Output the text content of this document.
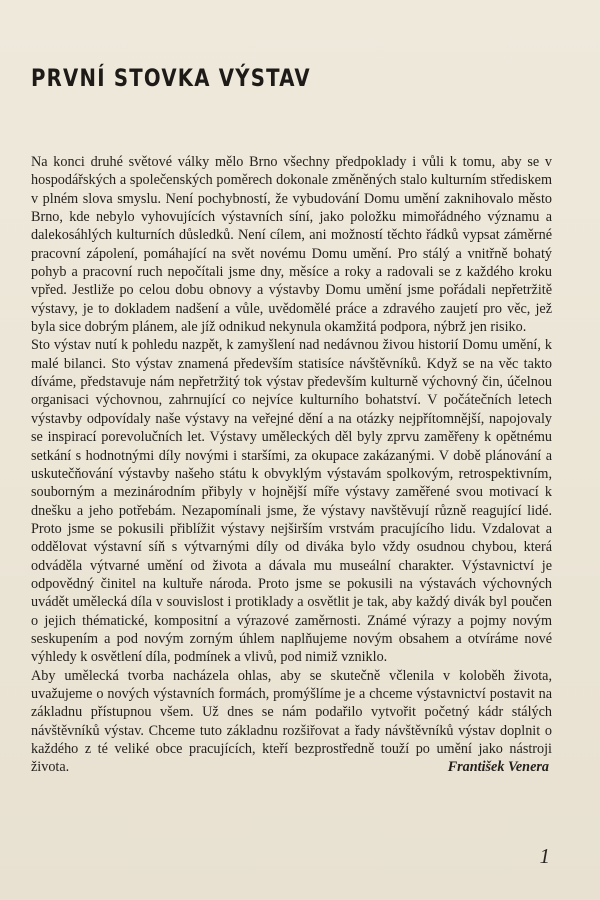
PRVNÍ STOVKA VÝSTAV

Na konci druhé světové války mělo Brno všechny předpoklady i vůli k tomu, aby se v hospodářských a společenských poměrech dokonale změněných stalo kulturním střediskem v plném slova smyslu. Není pochybností, že vybudování Domu umění zaknihovalo město Brno, kde nebylo vyhovujících výstavních síní, jako položku mimořádného významu a dalekosáhlých kulturních důsledků. Není cílem, ani možností těchto řádků vypsat záměrné pracovní zápolení, pomáhající na svět novému Domu umění. Pro stálý a vnitřně bohatý pohyb a pracovní ruch nepočítali jsme dny, měsíce a roky a radovali se z každého kroku vpřed. Jestliže po celou dobu obnovy a výstavby Domu umění jsme pořádali nepřetržitě výstavy, je to dokladem nadšení a vůle, uvědomělé práce a zdravého zaujetí pro věc, jež byla sice dobrým plánem, ale jíž odnikud nekynula okamžitá podpora, nýbrž jen risiko.

Sto výstav nutí k pohledu nazpět, k zamyšlení nad nedávnou živou historií Domu umění, k malé bilanci. Sto výstav znamená především statisíce návštěvníků. Když se na věc takto díváme, představuje nám nepřetržitý tok výstav především kulturně výchovný čin, účelnou organisaci výchovnou, zahrnující co nejvíce kulturního bohatství. V počátečních letech výstavby odpovídaly naše výstavy na veřejné dění a na otázky nejpřítomnější, napojovaly se inspirací porevolučních let. Výstavy uměleckých děl byly zprvu zaměřeny k opětnému setkání s hodnotnými díly novými i staršími, za okupace zakázanými. V době plánování a uskutečňování výstavby našeho státu k obvyklým výstavám spolkovým, retrospektivním, souborným a mezinárodním přibyly v hojnější míře výstavy zaměřené svou motivací k dnešku a jeho potřebám. Nezapomínali jsme, že výstavy navštěvují různě reagující lidé. Proto jsme se pokusili přiblížit výstavy nejširším vrstvám pracujícího lidu. Vzdalovat a oddělovat výstavní síň s výtvarnými díly od diváka bylo vždy osudnou chybou, která odváděla výtvarné umění od života a dávala mu museální charakter. Výstavnictví je odpovědný činitel na kultuře národa. Proto jsme se pokusili na výstavách výchovných uvádět umělecká díla v souvislost i protiklady a osvětlit je tak, aby každý divák byl poučen o jejich thématické, kompositní a výrazové zaměrnosti. Známé výrazy a pojmy novým seskupením a pod novým zorným úhlem naplňujeme novým obsahem a otvíráme nové výhledy k osvětlení díla, podmínek a vlivů, pod nimiž vzniklo.

Aby umělecká tvorba nacházela ohlas, aby se skutečně včlenila v koloběh života, uvažujeme o nových výstavních formách, promýšlíme je a chceme výstavnictví postavit na základnu přístupnou všem. Už dnes se nám podařilo vytvořit početný kádr stálých návštěvníků výstav. Chceme tuto základnu rozšiřovat a řady návštěvníků výstav doplnit o každého z té veliké obce pracujících, kteří bezprostředně touží po umění jako nástroji života.	František Venera
1
